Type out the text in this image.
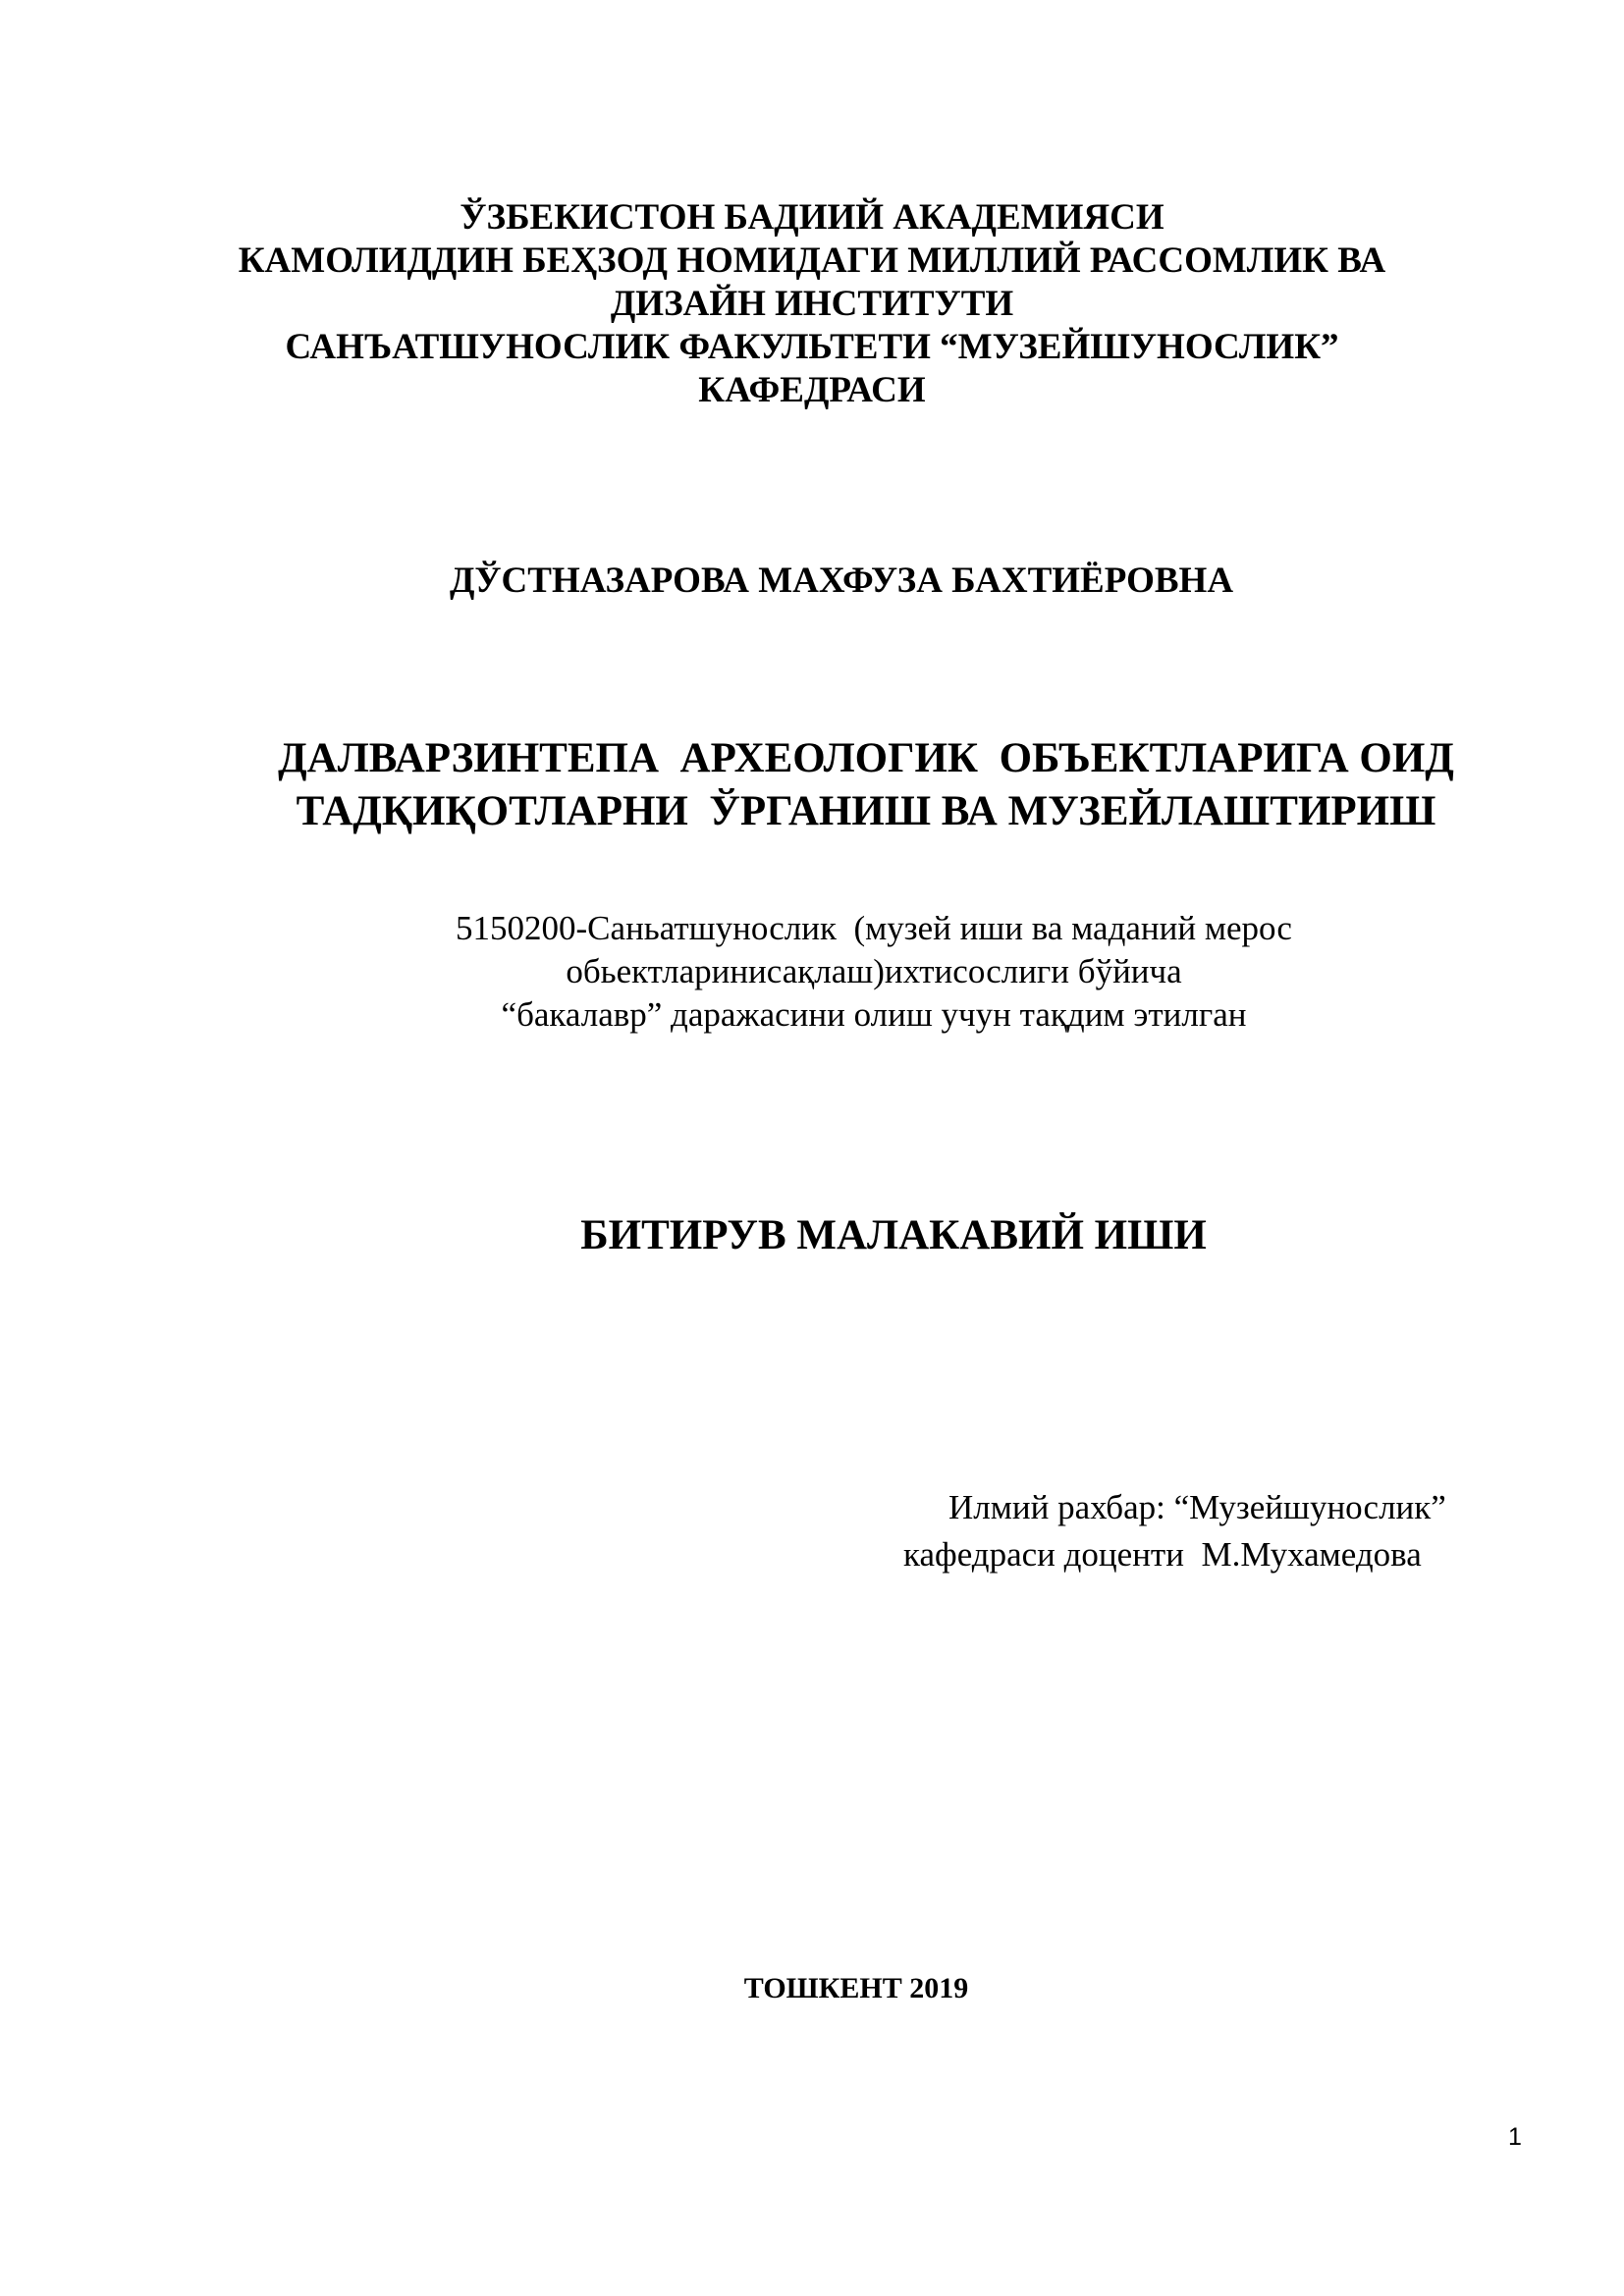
ЎЗБЕКИСТОН БАДИИЙ АКАДЕМИЯСИ
КАМОЛИДДИН БЕҲЗОД НОМИДАГИ МИЛЛИЙ РАССОМЛИК ВА
ДИЗАЙН ИНСТИТУТИ
САНЪАТШУНОСЛИК ФАКУЛЬТЕТИ “МУЗЕЙШУНОСЛИК”
КАФЕДРАСИ
ДЎСТНАЗАРОВА МАХФУЗА БАХТИЁРОВНА
ДАЛВАРЗИНТЕПА  АРХЕОЛОГИК  ОБЪЕКТЛАРИГА ОИД
ТАДҚИҚОТЛАРНИ  ЎРГАНИШ ВА МУЗЕЙЛАШТИРИШ
5150200-Саньатшунослик  (музей иши ва маданий мерос
обьектларинисақлаш)ихтисослиги бўйича
“бакалавр” даражасини олиш учун тақдим этилган
БИТИРУВ МАЛАКАВИЙ ИШИ
Илмий рахбар: “Музейшунослик”
кафедраси доценти  М.Мухамедова
ТОШКЕНТ 2019
1
